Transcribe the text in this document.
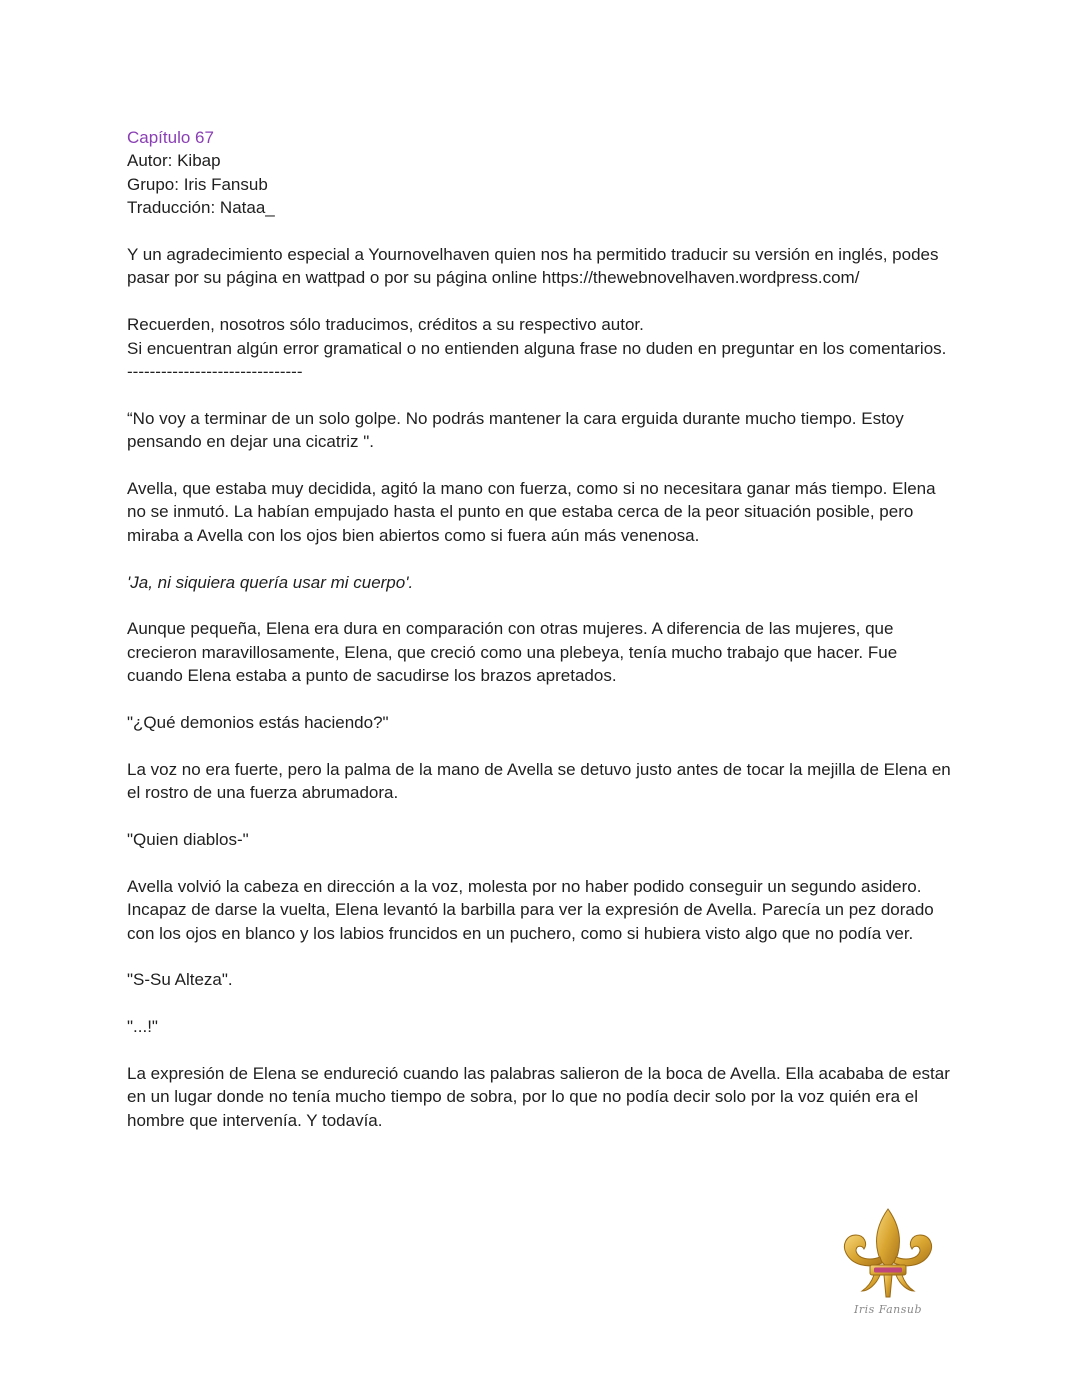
Capítulo 67

Autor: Kibap

Grupo: Iris Fansub

Traducción: Nataa_

Y un agradecimiento especial a Yournovelhaven quien nos ha permitido traducir su versión en inglés, podes pasar por su página en wattpad o por su página online https://thewebnovelhaven.wordpress.com/

Recuerden, nosotros sólo traducimos, créditos a su respectivo autor.

Si encuentran algún error gramatical o no entienden alguna frase no duden en preguntar en los comentarios.

-------------------------------

“No voy a terminar de un solo golpe. No podrás mantener la cara erguida durante mucho tiempo. Estoy pensando en dejar una cicatriz ".

Avella, que estaba muy decidida, agitó la mano con fuerza, como si no necesitara ganar más tiempo. Elena no se inmutó. La habían empujado hasta el punto en que estaba cerca de la peor situación posible, pero miraba a Avella con los ojos bien abiertos como si fuera aún más venenosa.

'Ja, ni siquiera quería usar mi cuerpo'.

Aunque pequeña, Elena era dura en comparación con otras mujeres. A diferencia de las mujeres, que crecieron maravillosamente, Elena, que creció como una plebeya, tenía mucho trabajo que hacer. Fue cuando Elena estaba a punto de sacudirse los brazos apretados.

"¿Qué demonios estás haciendo?"

La voz no era fuerte, pero la palma de la mano de Avella se detuvo justo antes de tocar la mejilla de Elena en el rostro de una fuerza abrumadora.

"Quien diablos-"

Avella volvió la cabeza en dirección a la voz, molesta por no haber podido conseguir un segundo asidero. Incapaz de darse la vuelta, Elena levantó la barbilla para ver la expresión de Avella. Parecía un pez dorado con los ojos en blanco y los labios fruncidos en un puchero, como si hubiera visto algo que no podía ver.

"S-Su Alteza".

"...!"

La expresión de Elena se endureció cuando las palabras salieron de la boca de Avella. Ella acababa de estar en un lugar donde no tenía mucho tiempo de sobra, por lo que no podía decir solo por la voz quién era el hombre que intervenía. Y todavía.

Iris Fansub
